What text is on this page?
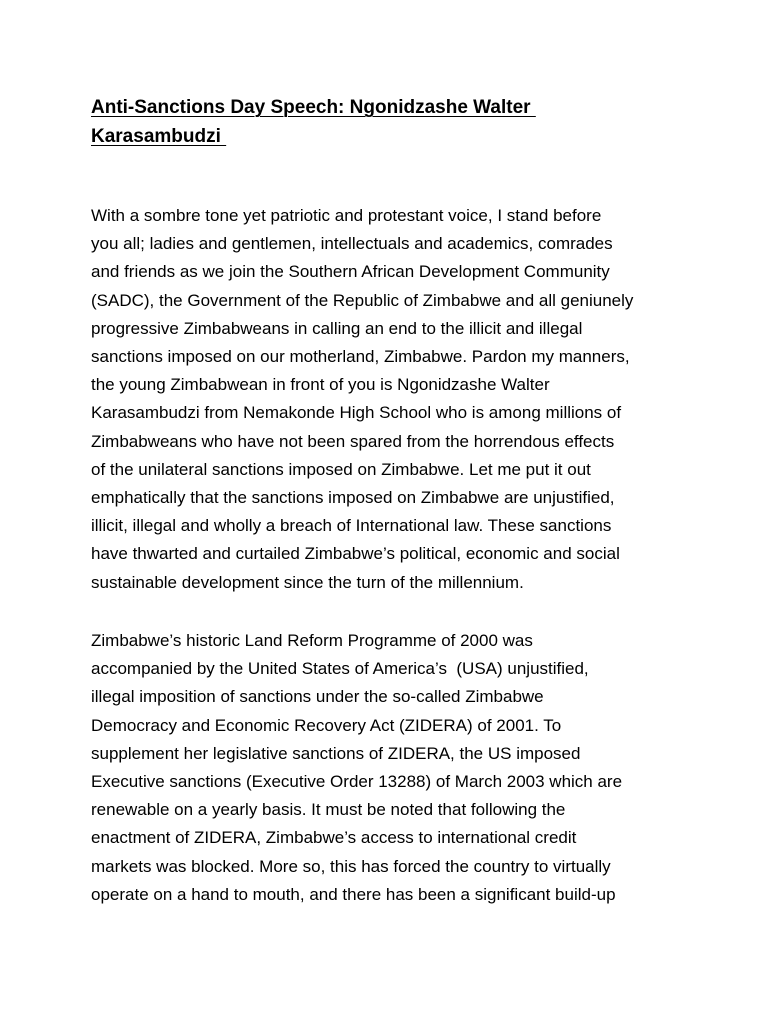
Anti-Sanctions Day Speech: Ngonidzashe Walter
Karasambudzi

With a sombre tone yet patriotic and protestant voice, I stand before
you all; ladies and gentlemen, intellectuals and academics, comrades
and friends as we join the Southern African Development Community
(SADC), the Government of the Republic of Zimbabwe and all geniunely
progressive Zimbabweans in calling an end to the illicit and illegal
sanctions imposed on our motherland, Zimbabwe. Pardon my manners,
the young Zimbabwean in front of you is Ngonidzashe Walter
Karasambudzi from Nemakonde High School who is among millions of
Zimbabweans who have not been spared from the horrendous effects
of the unilateral sanctions imposed on Zimbabwe. Let me put it out
emphatically that the sanctions imposed on Zimbabwe are unjustified,
illicit, illegal and wholly a breach of International law. These sanctions
have thwarted and curtailed Zimbabwe’s political, economic and social
sustainable development since the turn of the millennium.

Zimbabwe’s historic Land Reform Programme of 2000 was
accompanied by the United States of America’s  (USA) unjustified,
illegal imposition of sanctions under the so-called Zimbabwe
Democracy and Economic Recovery Act (ZIDERA) of 2001. To
supplement her legislative sanctions of ZIDERA, the US imposed
Executive sanctions (Executive Order 13288) of March 2003 which are
renewable on a yearly basis. It must be noted that following the
enactment of ZIDERA, Zimbabwe’s access to international credit
markets was blocked. More so, this has forced the country to virtually
operate on a hand to mouth, and there has been a significant build-up
